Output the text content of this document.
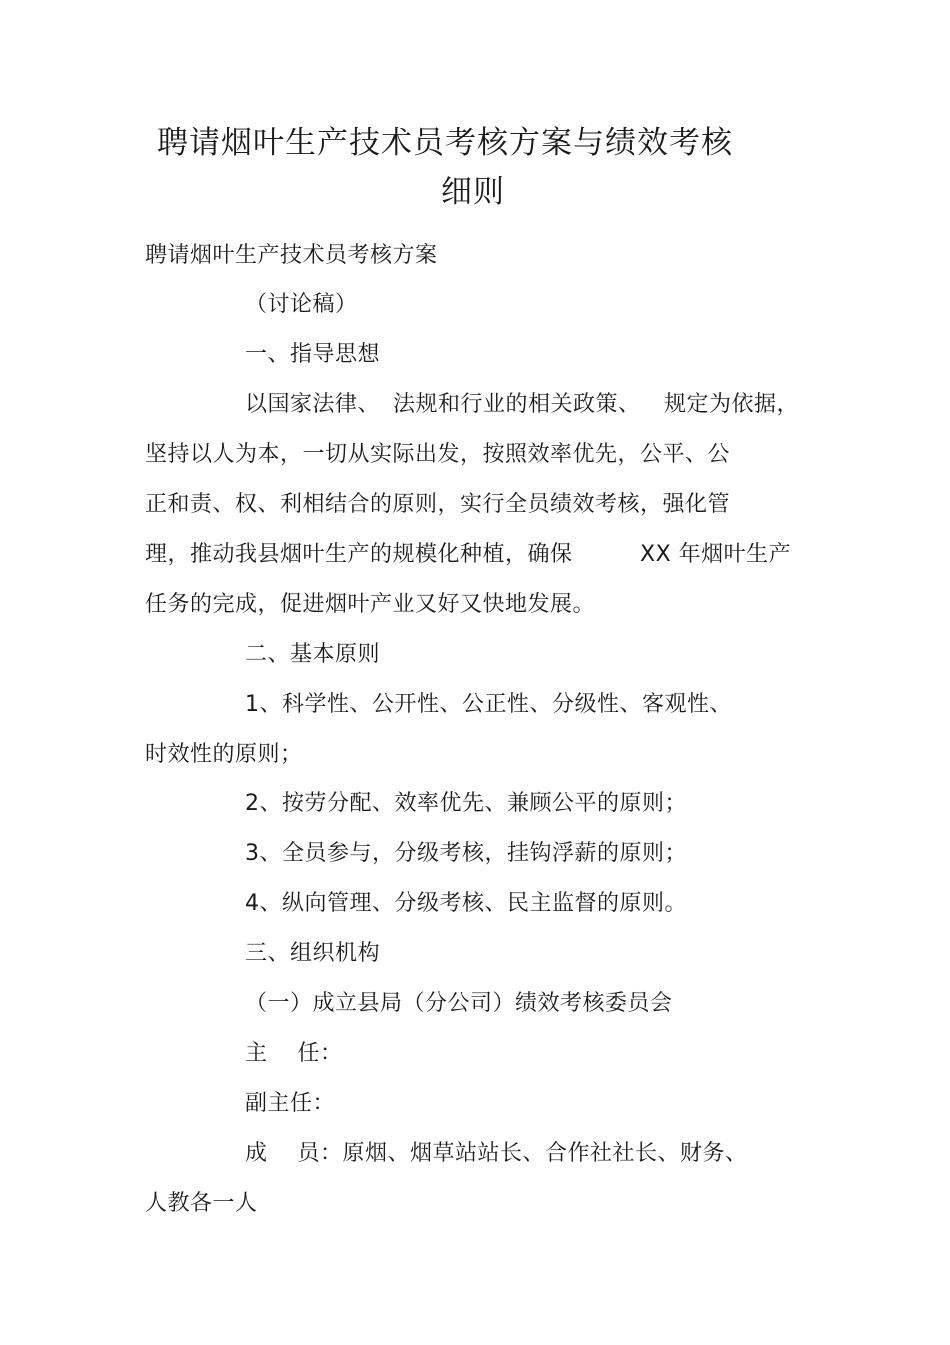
聘请烟叶生产技术员考核方案与绩效考核
细则
聘请烟叶生产技术员考核方案
（讨论稿）
一、指导思想
以国家法律、 法规和行业的相关政策、 规定为依据，
坚持以人为本，一切从实际出发，按照效率优先，公平、公
正和责、权、利相结合的原则，实行全员绩效考核，强化管
理，推动我县烟叶生产的规模化种植，确保	XX 年烟叶生产
任务的完成，促进烟叶产业又好又快地发展。
二、基本原则
1、科学性、公开性、公正性、分级性、客观性、
时效性的原则；
2、按劳分配、效率优先、兼顾公平的原则；
3、全员参与，分级考核，挂钩浮薪的原则；
4、纵向管理、分级考核、民主监督的原则。
三、组织机构
（一）成立县局（分公司）绩效考核委员会
主　 任：
副主任：
成　 员：原烟、烟草站站长、合作社社长、财务、
人教各一人
